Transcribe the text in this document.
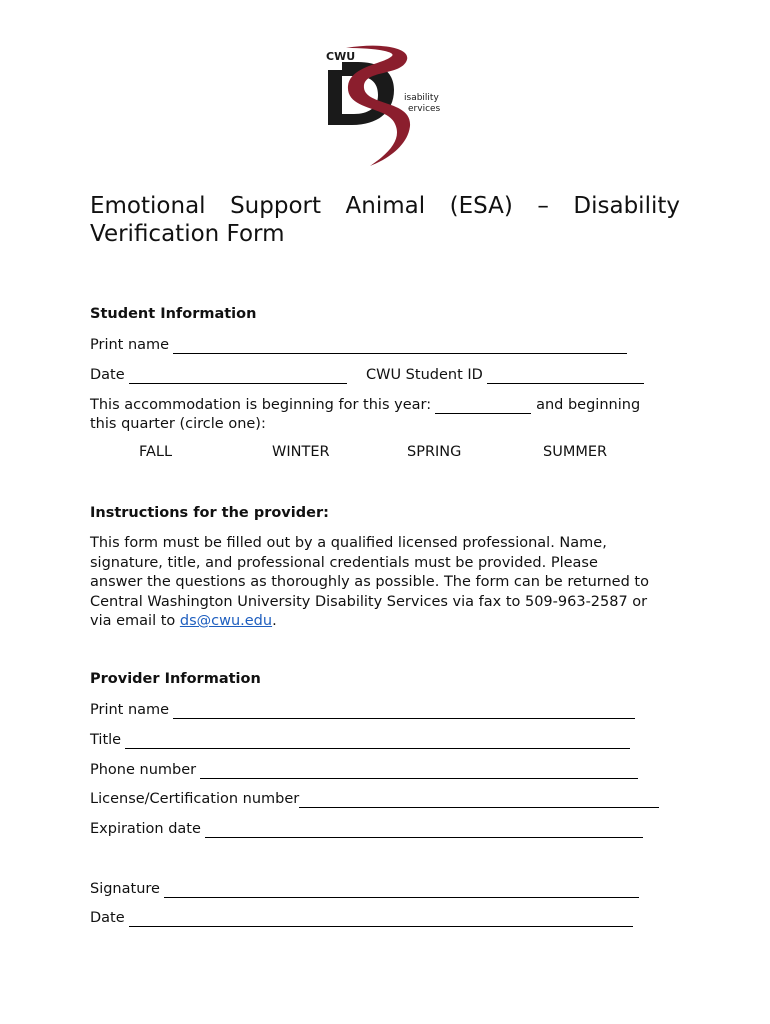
CWU
isability
ervices
Emotional Support Animal (ESA) – Disability
Verification Form
Student Information
Print name
Date	CWU Student ID
This accommodation is beginning for this year:	and beginning
this quarter (circle one):
FALL	WINTER	SPRING	SUMMER
Instructions for the provider:
This form must be filled out by a qualified licensed professional. Name,
signature, title, and professional credentials must be provided. Please
answer the questions as thoroughly as possible. The form can be returned to
Central Washington University Disability Services via fax to 509-963-2587 or
via email to ds@cwu.edu.
Provider Information
Print name
Title
Phone number
License/Certification number
Expiration date
Signature
Date
